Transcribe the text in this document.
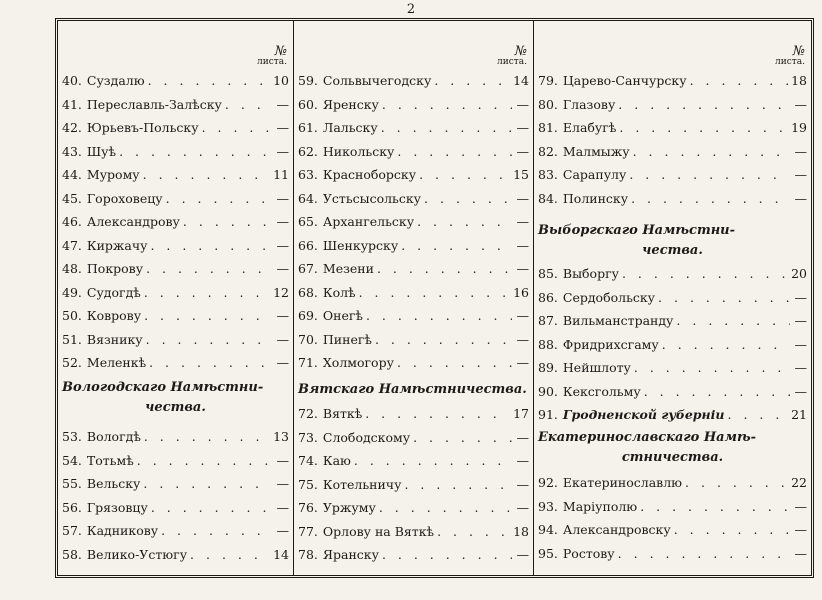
2
№
листа.
40. Суздалю . . .	10
41. Переславль-Залѣску . . .	—
42. Юрьевъ-Польску . . .	—
43. Шуѣ . . .	—
44. Мурому . . .	11
45. Гороховецу . . .	—
46. Александрову . . .	—
47. Киржачу . . .	—
48. Покрову . . .	—
49. Судогдѣ . . .	12
50. Коврову . . .	—
51. Вязнику . . .	—
52. Меленкѣ . . .	—
Вологодскаго Намѣстни-
чества.
53. Вологдѣ . . .	13
54. Тотьмѣ . . .	—
55. Вельску . . .	—
56. Грязовцу . . .	—
57. Кадникову . . .	—
58. Велико-Устюгу . . .	14
№
листа.
59. Сольвычегодску . . .	14
60. Яренску . . .	—
61. Лальску . . .	—
62. Никольску . . .	—
63. Красноборску . . .	15
64. Устьсысольску . . .	—
65. Архангельску . . .	—
66. Шенкурску . . .	—
67. Мезени . . .	—
68. Колѣ . . .	16
69. Онегѣ . . .	—
70. Пинегѣ . . .	—
71. Холмогору . . .	—
Вятскаго Намѣстничества.
72. Вяткѣ . . .	17
73. Слободскому . . .	—
74. Каю . . .	—
75. Котельничу . . .	—
76. Уржуму . . .	—
77. Орлову на Вяткѣ . . .	18
78. Яранску . . .	—
№
листа.
79. Царево-Санчурску . . .	18
80. Глазову . . .	—
81. Елабугѣ . . .	19
82. Малмыжу . . .	—
83. Сарапулу . . .	—
84. Полинску . . .	—
Выборгскаго Намѣстни-
чества.
85. Выборгу . . .	20
86. Сердобольску . . .	—
87. Вильманстранду . . .	—
88. Фридрихсгаму . . .	—
89. Нейшлоту . . .	—
90. Кексгольму . . .	—
91. Гродненской губерніи . . .	21
Екатеринославскаго Намѣ-
стничества.
92. Екатеринославлю . . .	22
93. Маріуполю . . .	—
94. Александровску . . .	—
95. Ростову . . .	—
